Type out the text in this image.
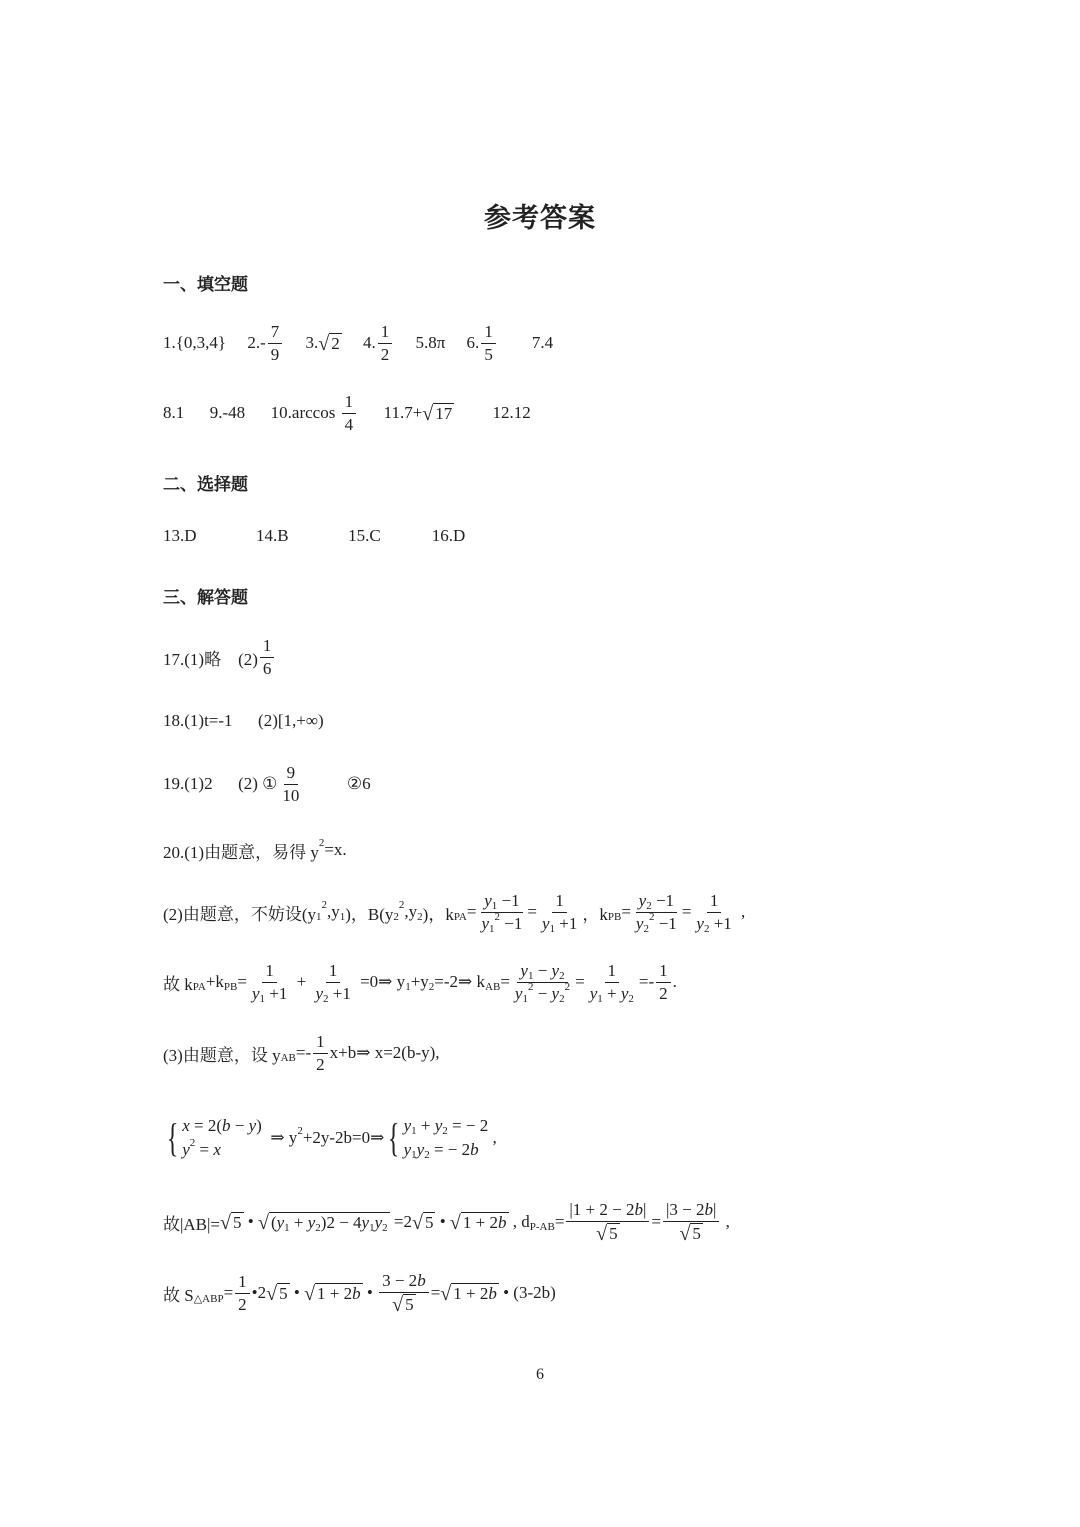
参考答案
一、填空题
二、选择题
三、解答题
1.{0,3,4}     $2.- \frac{7}{9} 3$. √ 2 4. $\frac{1}{2} 5.8\pi$     6. $\frac{1}{5} 7.4$
8.1      9.-48      $10.\arccos \frac{1}{4} 11.7+$ √ 17 12.12
13.D              14.B              15.C            16.D
17.(1)略    $(2) \frac{1}{6}$
18.(1)t=-1      (2)[1,+∞)
19.(1)2      (2) ① $\frac{9}{10}$ ②6
20.(1)由题意，易得 y 2 =x.
(2)由题意，不妨设(y 1
2 ,y 1 )，B(y 2
2 ,y 2 )，k PA = y 1 −1
y 1
$2 -1 = \frac{1}{y 1 +1}$ ，k PB = y 2 −1
y 2
$2 -1 = \frac{1}{y 2 +1}$ ,
故 k PA +k PB = $\frac{1}{y 1 +1} + \frac{1}{y 2 +1}$ =0⇒ y 1 +y 2 =-2⇒ k AB = y 1 − y 2
y 1
2 − y 2
$2 = \frac{1}{y 1 + y 2} =- \frac{1}{2}$ .
(3)由题意，设 y AB =- $\frac{1}{2}$ x+b⇒ x=2(b-y),
{ x = 2( b − y )
y 2 = x
⇒ y 2 +2y-2b=0⇒ { y 1 + y 2 = − 2
y 1 y 2 = − 2 b
,
故|AB|= √ 5 • √ ( y 1 + y 2 )2 − 4 y 1 y 2 =2 √ 5 • √ 1 + 2 b , d $P-AB = \frac{|1 + 2 - 2 b |}{√ 5} = \frac{|3 - 2 b |}{√ 5}$ ,
故 S △ABP = $\frac{1}{2}$ •2 √ 5 • √ 1 + 2 b • $\frac{3 - 2 b}{√ 5}$ = √ 1 + 2 b • (3-2b)
6
